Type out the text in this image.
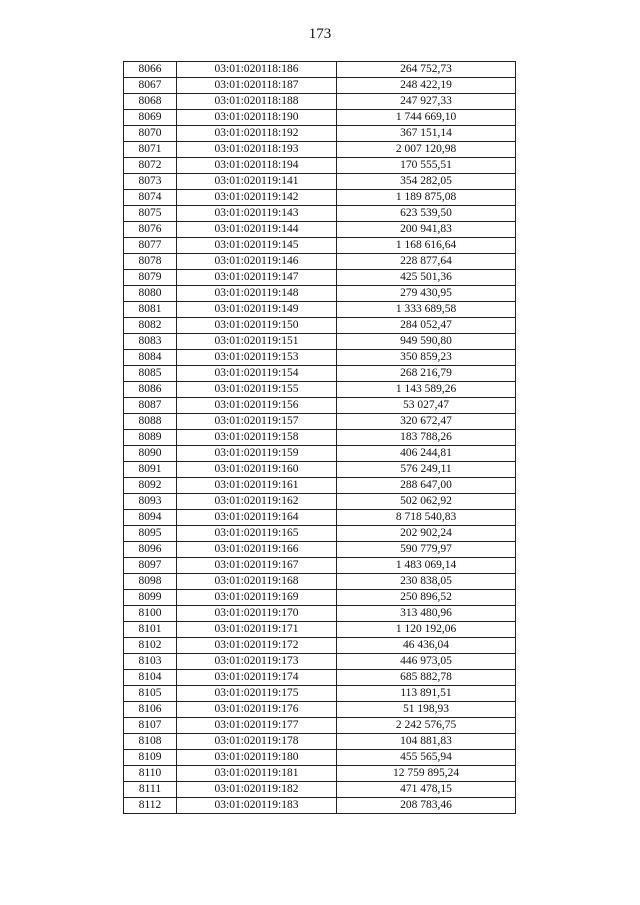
173
8066	03:01:020118:186	264 752,73
8067	03:01:020118:187	248 422,19
8068	03:01:020118:188	247 927,33
8069	03:01:020118:190	1 744 669,10
8070	03:01:020118:192	367 151,14
8071	03:01:020118:193	2 007 120,98
8072	03:01:020118:194	170 555,51
8073	03:01:020119:141	354 282,05
8074	03:01:020119:142	1 189 875,08
8075	03:01:020119:143	623 539,50
8076	03:01:020119:144	200 941,83
8077	03:01:020119:145	1 168 616,64
8078	03:01:020119:146	228 877,64
8079	03:01:020119:147	425 501,36
8080	03:01:020119:148	279 430,95
8081	03:01:020119:149	1 333 689,58
8082	03:01:020119:150	284 052,47
8083	03:01:020119:151	949 590,80
8084	03:01:020119:153	350 859,23
8085	03:01:020119:154	268 216,79
8086	03:01:020119:155	1 143 589,26
8087	03:01:020119:156	53 027,47
8088	03:01:020119:157	320 672,47
8089	03:01:020119:158	183 788,26
8090	03:01:020119:159	406 244,81
8091	03:01:020119:160	576 249,11
8092	03:01:020119:161	288 647,00
8093	03:01:020119:162	502 062,92
8094	03:01:020119:164	8 718 540,83
8095	03:01:020119:165	202 902,24
8096	03:01:020119:166	590 779,97
8097	03:01:020119:167	1 483 069,14
8098	03:01:020119:168	230 838,05
8099	03:01:020119:169	250 896,52
8100	03:01:020119:170	313 480,96
8101	03:01:020119:171	1 120 192,06
8102	03:01:020119:172	46 436,04
8103	03:01:020119:173	446 973,05
8104	03:01:020119:174	685 882,78
8105	03:01:020119:175	113 891,51
8106	03:01:020119:176	51 198,93
8107	03:01:020119:177	2 242 576,75
8108	03:01:020119:178	104 881,83
8109	03:01:020119:180	455 565,94
8110	03:01:020119:181	12 759 895,24
8111	03:01:020119:182	471 478,15
8112	03:01:020119:183	208 783,46
